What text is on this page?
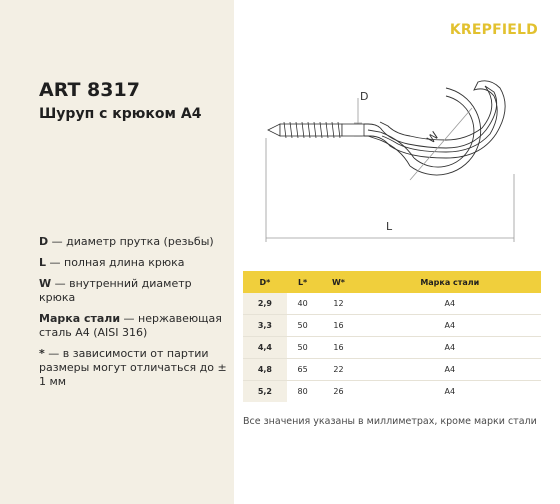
ART 8317
Шуруп с крюком А4

D — диаметр прутка (резьбы)

L — полная длина крюка

W — внутренний диаметр крюка

Марка стали — нержавеющая сталь A4 (AISI 316)

* — в зависимости от партии размеры могут отличаться до ± 1 мм

KREPFIELD
D
W
L
D*	L*	W*	Марка стали
2,9	40	12	A4
3,3	50	16	A4
4,4	50	16	A4
4,8	65	22	A4
5,2	80	26	A4
Все значения указаны в миллиметрах, кроме марки стали
